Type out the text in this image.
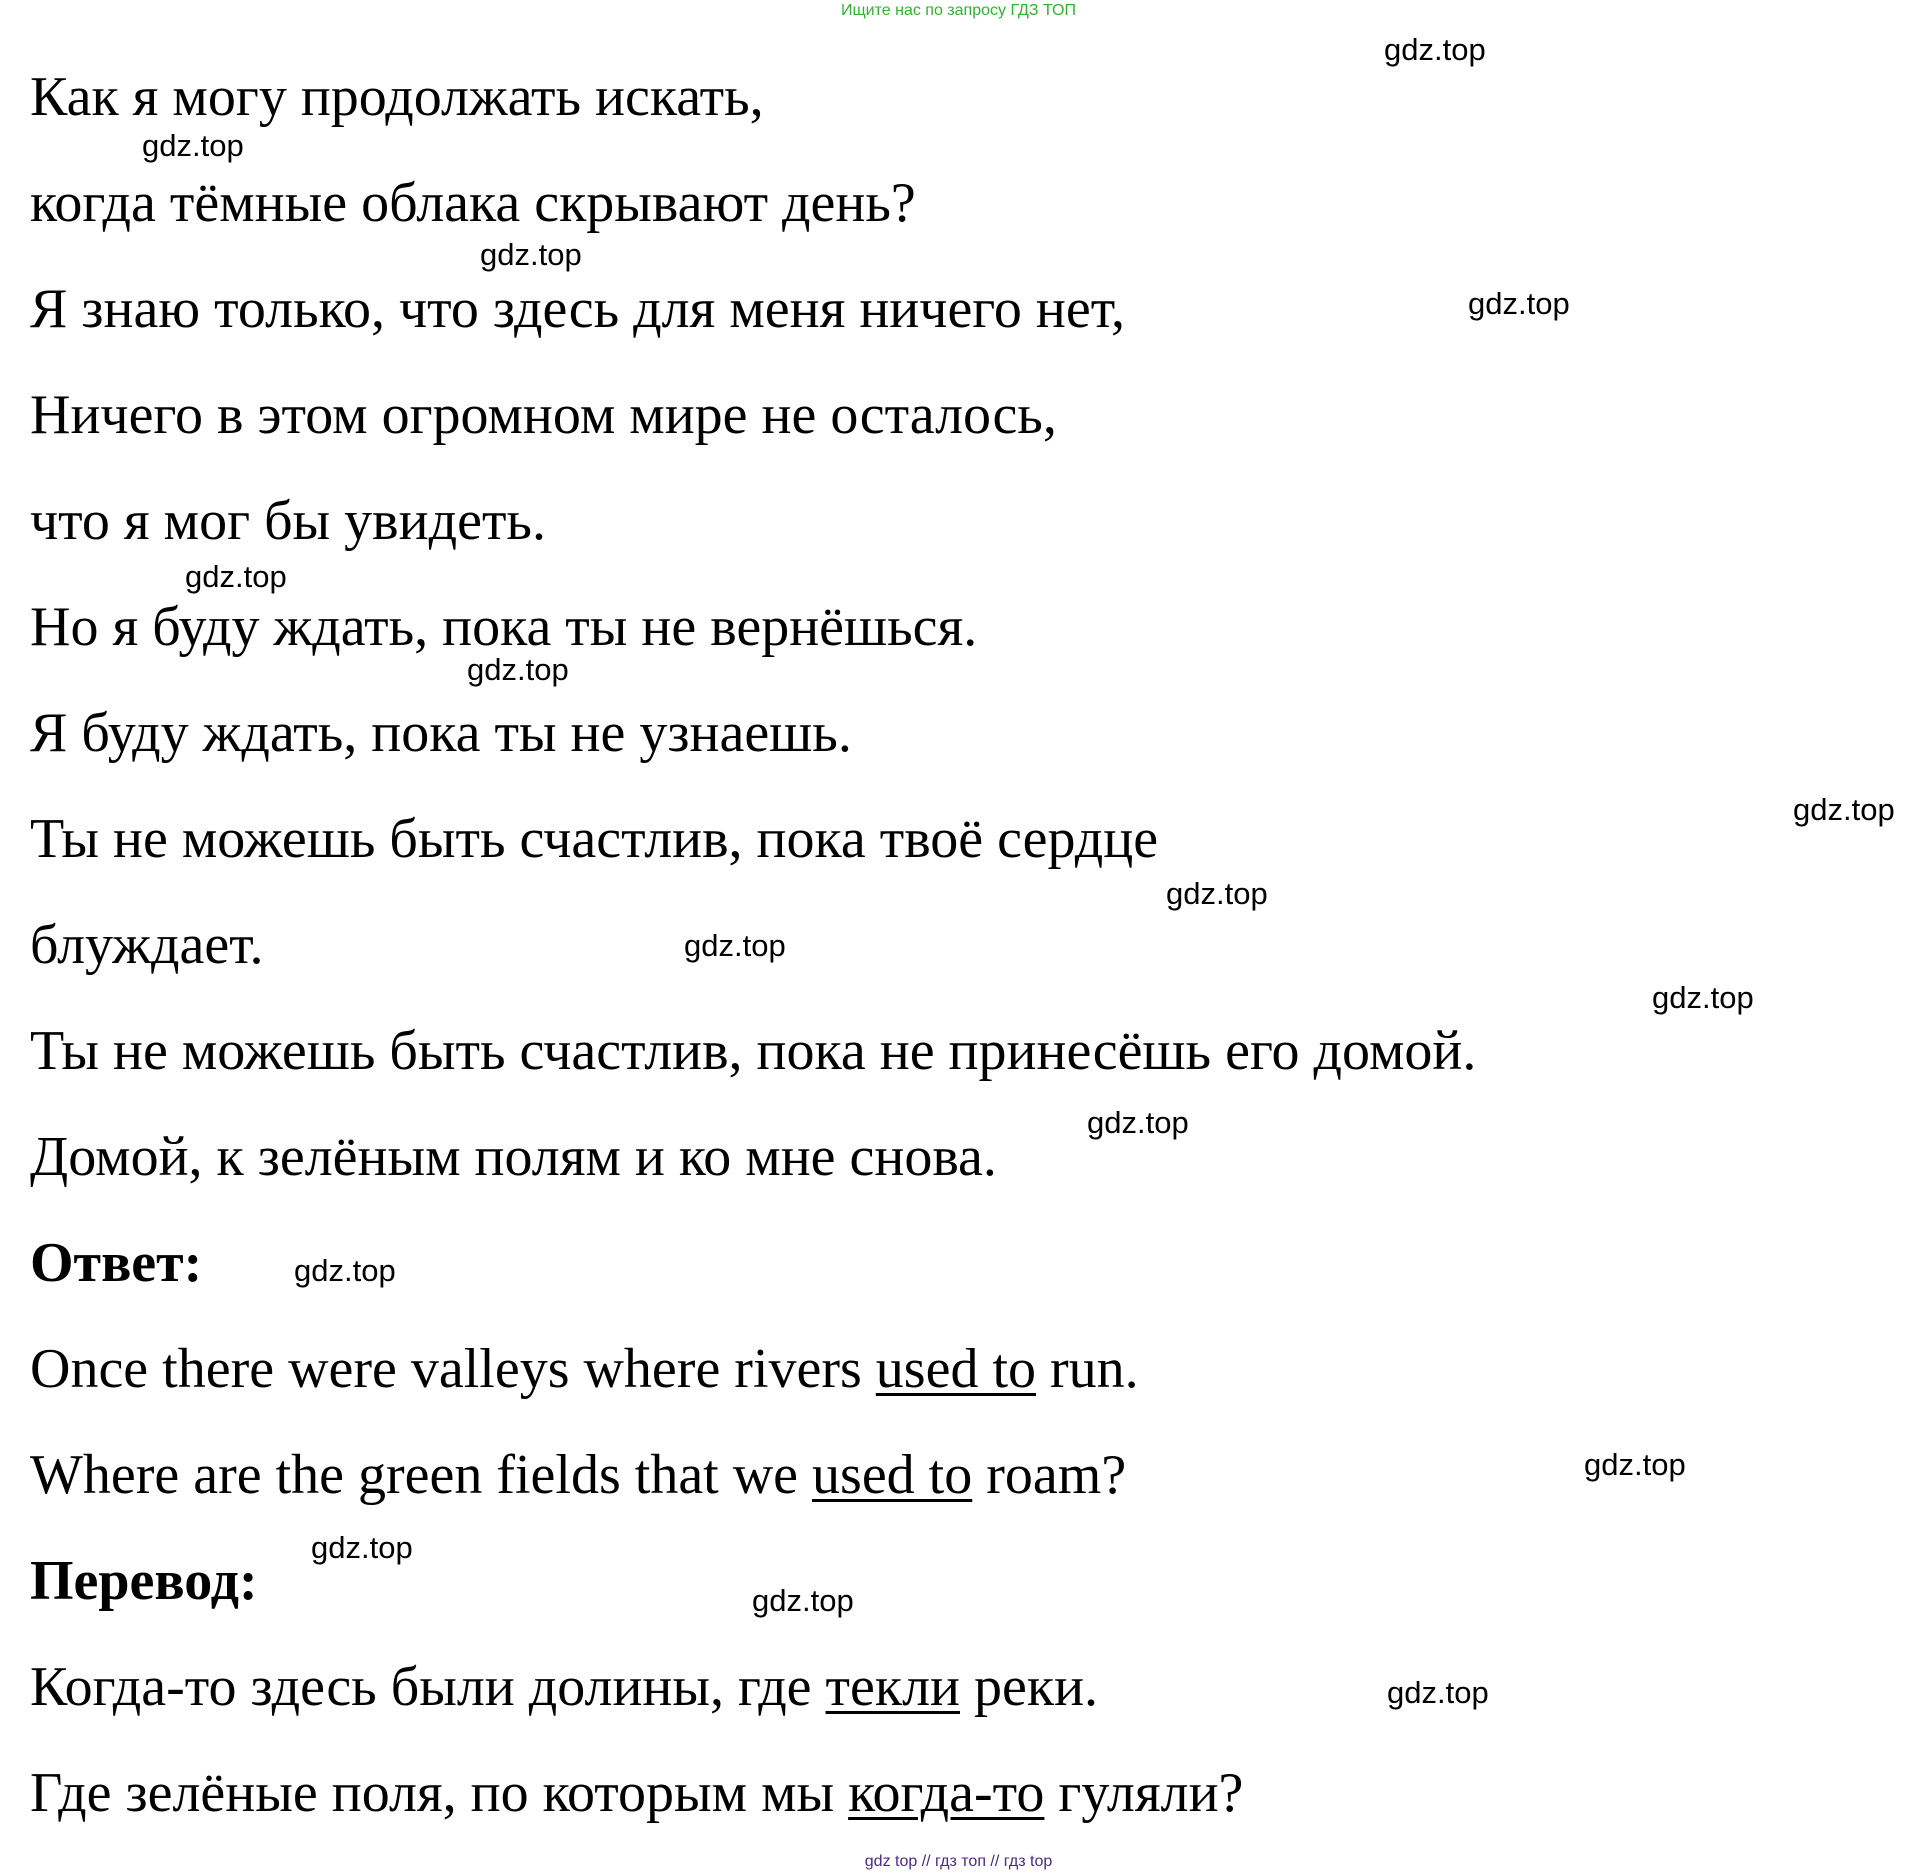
Ищите нас по запросу ГДЗ ТОП
Как я могу продолжать искать,
когда тёмные облака скрывают день?
Я знаю только, что здесь для меня ничего нет,
Ничего в этом огромном мире не осталось,
что я мог бы увидеть.
Но я буду ждать, пока ты не вернёшься.
Я буду ждать, пока ты не узнаешь.
Ты не можешь быть счастлив, пока твоё сердце
блуждает.
Ты не можешь быть счастлив, пока не принесёшь его домой.
Домой, к зелёным полям и ко мне снова.
Ответ:
Once there were valleys where rivers used to run.
Where are the green fields that we used to roam?
Перевод:
Когда-то здесь были долины, где текли реки.
Где зелёные поля, по которым мы когда-то гуляли?
gdz.top
gdz.top
gdz.top
gdz.top
gdz.top
gdz.top
gdz.top
gdz.top
gdz.top
gdz.top
gdz.top
gdz.top
gdz.top
gdz.top
gdz.top
gdz.top
gdz top // гдз топ // гдз top
